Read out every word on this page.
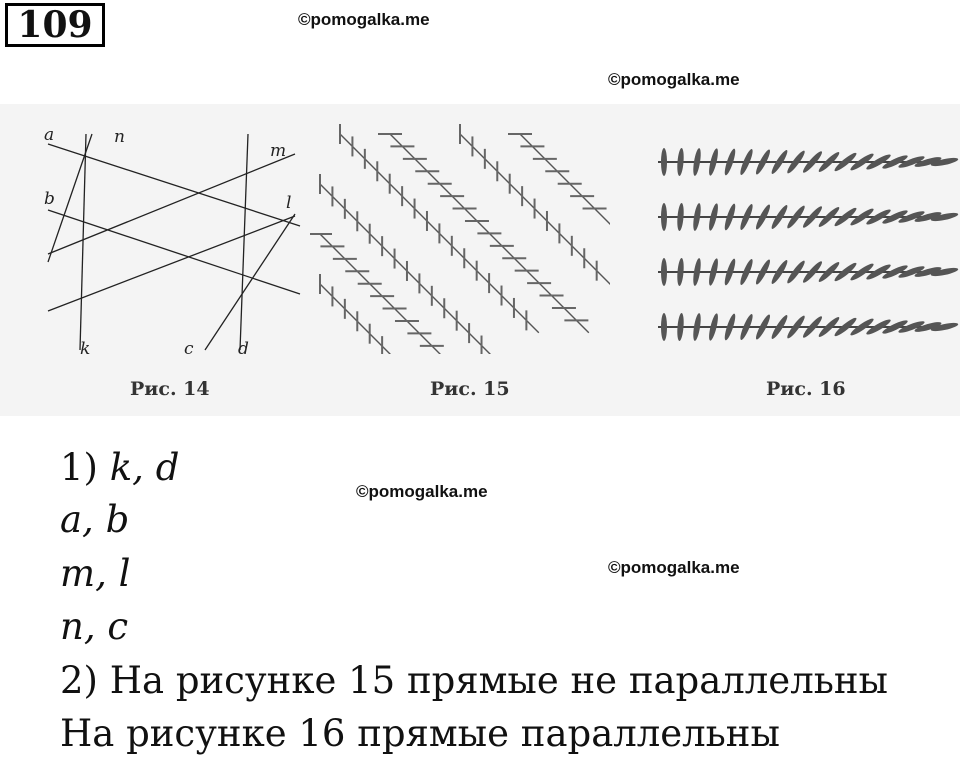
109	©pomogalka.me
©pomogalka.me
a	n
m
b	l
k	c	d
Рис. 14	Рис. 15	Рис. 16
1) k, d
a, b
m, l
n, c
2) На рисунке 15 прямые не параллельны
На рисунке 16 прямые параллельны
©pomogalka.me
©pomogalka.me
